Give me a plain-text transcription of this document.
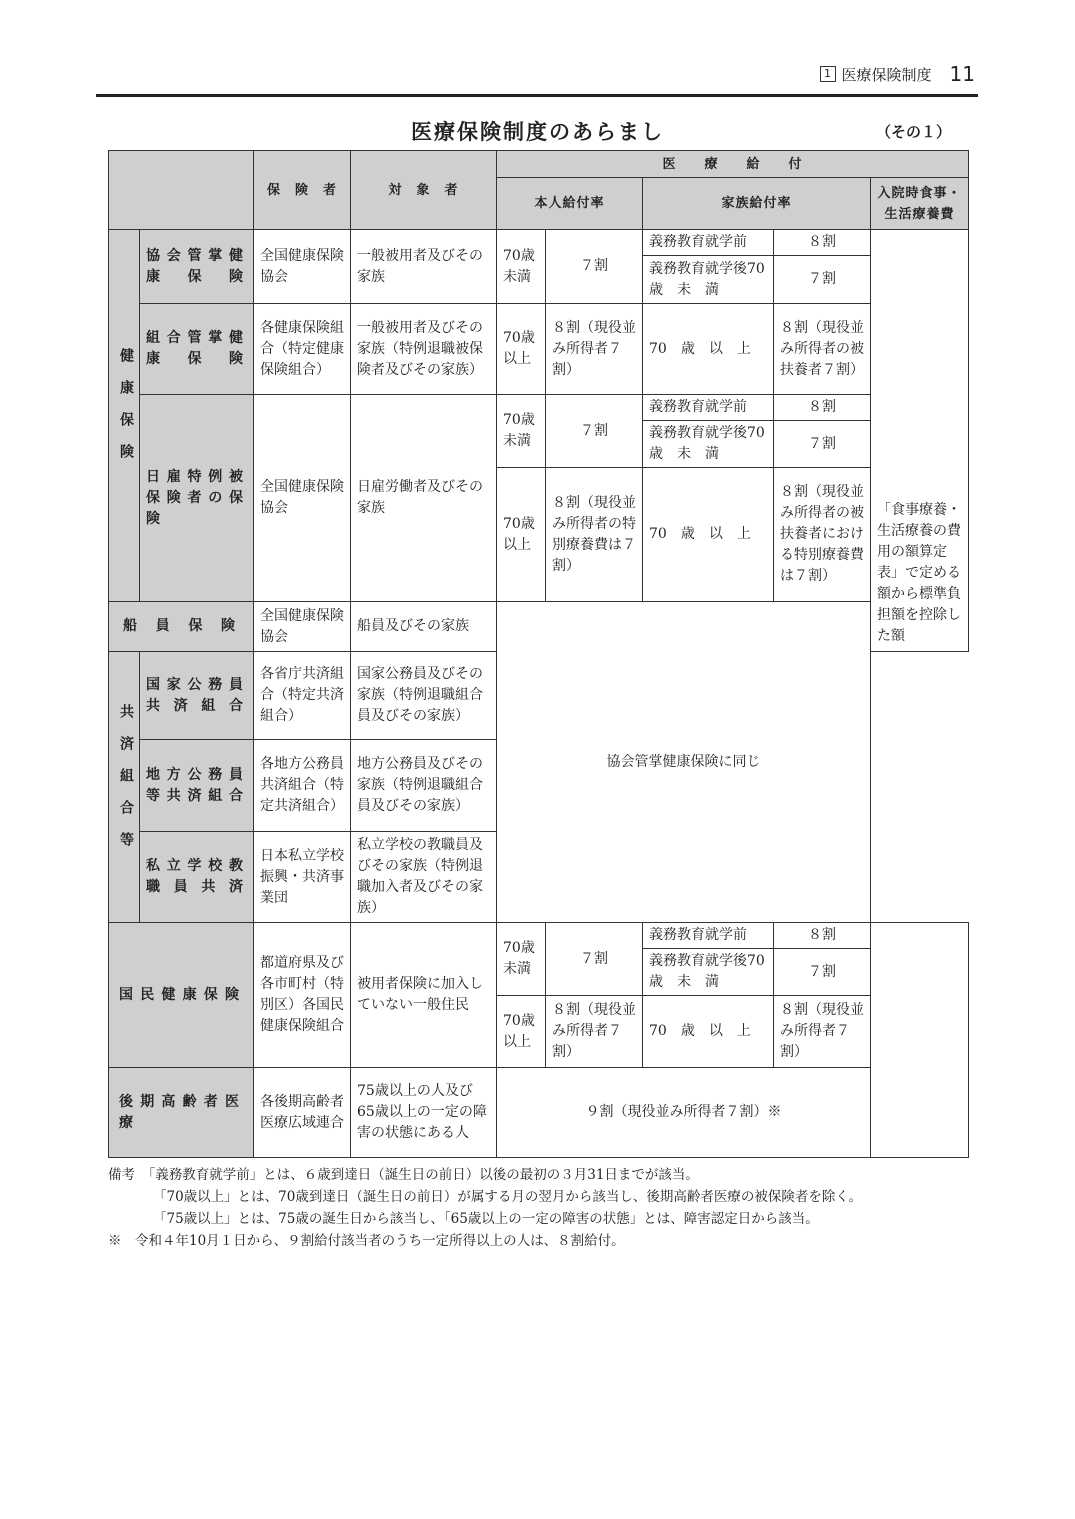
1 医療保険制度 11
医療保険制度のあらまし	（その１）
		保　険　者	対　象　者	医　　療　　給　　付				
				本人給付率		家族給付率		入院時食事・生活療養費
健康保険	協会管掌健康保険	全国健康保険協会	一般被用者及びその家族	70歳未満	７割	義務教育就学前	８割	「食事療養・生活療養の費用の額算定表」で定める額から標準負担額を控除した額
						義務教育就学後70　歳　未　満	７割	
	組合管掌健康保険	各健康保険組合（特定健康保険組合）	一般被用者及びその家族（特例退職被保険者及びその家族）	70歳以上	８割（現役並み所得者７割）	70　歳　以　上	８割（現役並み所得者の被扶養者７割）	
	日雇特例被保険者の保険	全国健康保険協会	日雇労働者及びその家族	70歳未満	７割	義務教育就学前	８割	
						義務教育就学後70　歳　未　満	７割	
				70歳以上	８割（現役並み所得者の特別療養費は７割）	70　歳　以　上	８割（現役並み所得者の被扶養者における特別療養費は７割）	

船員保険		全国健康保険協会	船員及びその家族	協会管掌健康保険に同じ				
共済組合等	国家公務員共済組合	各省庁共済組合（特定共済組合）	国家公務員及びその家族（特例退職組合員及びその家族）					
	地方公務員等共済組合	各地方公務員共済組合（特定共済組合）	地方公務員及びその家族（特例退職組合員及びその家族）					
	私立学校教職員共済	日本私立学校振興・共済事業団	私立学校の教職員及びその家族（特例退職加入者及びその家族）					
国民健康保険		都道府県及び各市町村（特別区）各国民健康保険組合	被用者保険に加入していない一般住民	70歳未満	７割	義務教育就学前	８割	
						義務教育就学後70　歳　未　満	７割	
				70歳以上	８割（現役並み所得者７割）	70　歳　以　上	８割（現役並み所得者７割）	
後期高齢者医療		各後期高齢者医療広域連合	75歳以上の人及び65歳以上の一定の障害の状態にある人	９割（現役並み所得者７割）※				
備考　「義務教育就学前」とは、６歳到達日（誕生日の前日）以後の最初の３月31日までが該当。
「70歳以上」とは、70歳到達日（誕生日の前日）が属する月の翌月から該当し、後期高齢者医療の被保険者を除く。
「75歳以上」とは、75歳の誕生日から該当し、「65歳以上の一定の障害の状態」とは、障害認定日から該当。
※　令和４年10月１日から、９割給付該当者のうち一定所得以上の人は、８割給付。
